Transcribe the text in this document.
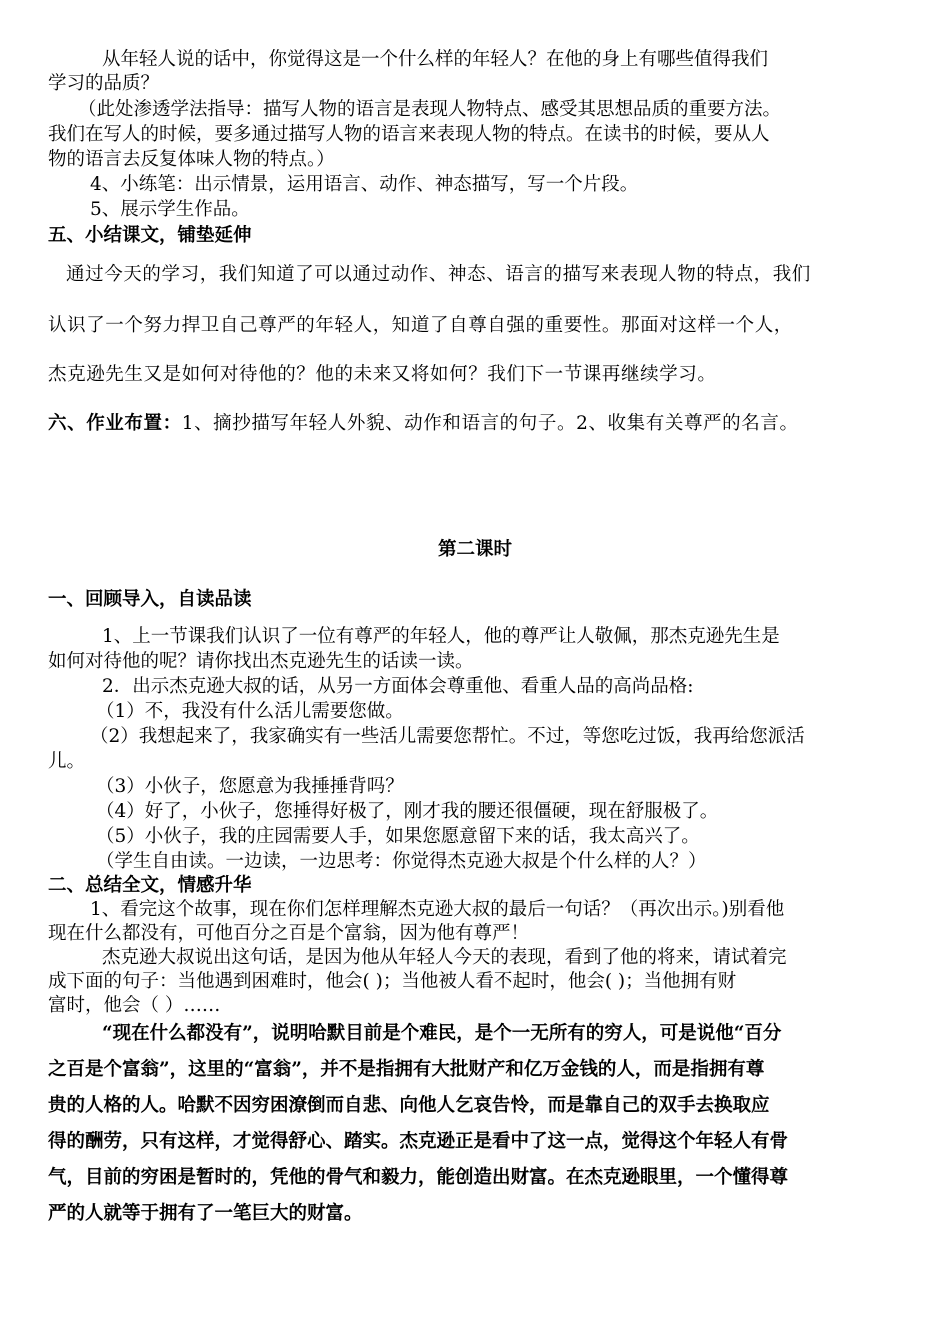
从年轻人说的话中，你觉得这是一个什么样的年轻人？在他的身上有哪些值得我们
学习的品质？
（此处渗透学法指导：描写人物的语言是表现人物特点、感受其思想品质的重要方法。
我们在写人的时候，要多通过描写人物的语言来表现人物的特点。在读书的时候，要从人
物的语言去反复体味人物的特点。）
4、小练笔：出示情景，运用语言、动作、神态描写，写一个片段。
5、展示学生作品。
五、小结课文，铺垫延伸
通过今天的学习，我们知道了可以通过动作、神态、语言的描写来表现人物的特点，我们
认识了一个努力捍卫自己尊严的年轻人，知道了自尊自强的重要性。那面对这样一个人，
杰克逊先生又是如何对待他的？他的未来又将如何？我们下一节课再继续学习。
六、作业布置：1、摘抄描写年轻人外貌、动作和语言的句子。2、收集有关尊严的名言。
第二课时
一、回顾导入，自读品读
1、上一节课我们认识了一位有尊严的年轻人，他的尊严让人敬佩，那杰克逊先生是
如何对待他的呢？请你找出杰克逊先生的话读一读。
2．出示杰克逊大叔的话，从另一方面体会尊重他、看重人品的高尚品格:
（1）不，我没有什么活儿需要您做。
（2）我想起来了，我家确实有一些活儿需要您帮忙。不过，等您吃过饭，我再给您派活
儿。
（3）小伙子，您愿意为我捶捶背吗？
（4）好了，小伙子，您捶得好极了，刚才我的腰还很僵硬，现在舒服极了。
（5）小伙子，我的庄园需要人手，如果您愿意留下来的话，我太高兴了。
（学生自由读。一边读，一边思考：你觉得杰克逊大叔是个什么样的人？）
二、总结全文，情感升华
1、看完这个故事，现在你们怎样理解杰克逊大叔的最后一句话？（再次出示。)别看他
现在什么都没有，可他百分之百是个富翁，因为他有尊严！
杰克逊大叔说出这句话，是因为他从年轻人今天的表现，看到了他的将来，请试着完
成下面的句子：当他遇到困难时，他会( )；当他被人看不起时，他会( )；当他拥有财
富时，他会（ ）……
“现在什么都没有”，说明哈默目前是个难民，是个一无所有的穷人，可是说他“百分
之百是个富翁”，这里的“富翁”，并不是指拥有大批财产和亿万金钱的人，而是指拥有尊
贵的人格的人。哈默不因穷困潦倒而自悲、向他人乞哀告怜，而是靠自己的双手去换取应
得的酬劳，只有这样，才觉得舒心、踏实。杰克逊正是看中了这一点，觉得这个年轻人有骨
气，目前的穷困是暂时的，凭他的骨气和毅力，能创造出财富。在杰克逊眼里，一个懂得尊
严的人就等于拥有了一笔巨大的财富。
